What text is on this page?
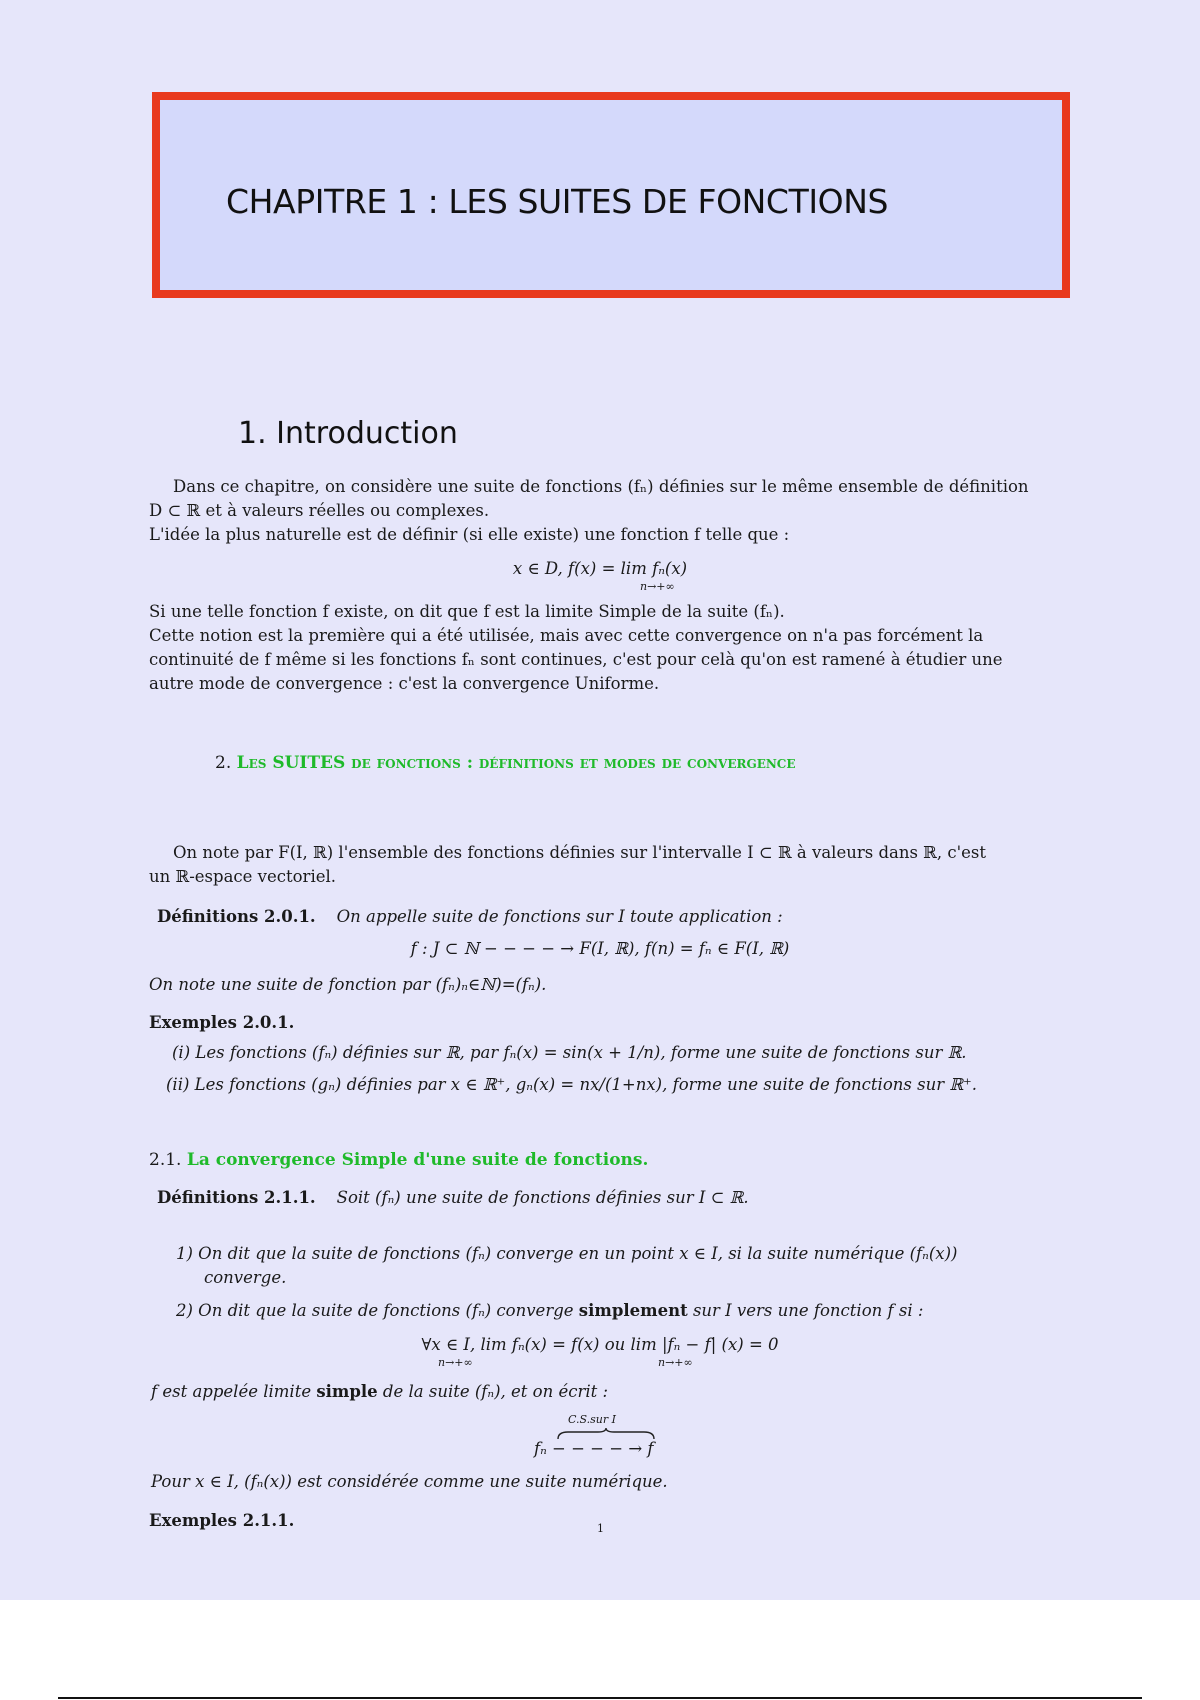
CHAPITRE 1 : LES SUITES DE FONCTIONS
1. Introduction
Dans ce chapitre, on considère une suite de fonctions (fₙ) définies sur le même ensemble de définition
D ⊂ ℝ et à valeurs réelles ou complexes.
L'idée la plus naturelle est de définir (si elle existe) une fonction f telle que :
x ∈ D, f(x) = lim fₙ(x)
n→+∞
Si une telle fonction f existe, on dit que f est la limite Simple de la suite (fₙ).
Cette notion est la première qui a été utilisée, mais avec cette convergence on n'a pas forcément la
continuité de f même si les fonctions fₙ sont continues, c'est pour celà qu'on est ramené à étudier une
autre mode de convergence : c'est la convergence Uniforme.
2. Les SUITES de fonctions : définitions et modes de convergence
On note par F(I, ℝ) l'ensemble des fonctions définies sur l'intervalle I ⊂ ℝ à valeurs dans ℝ, c'est
un ℝ-espace vectoriel.
Définitions 2.0.1. On appelle suite de fonctions sur I toute application :
f : J ⊂ ℕ − − − − → F(I, ℝ), f(n) = fₙ ∈ F(I, ℝ)
On note une suite de fonction par (fₙ)ₙ∈ℕ)=(fₙ).
Exemples 2.0.1.
(i) Les fonctions (fₙ) définies sur ℝ, par fₙ(x) = sin(x + 1/n), forme une suite de fonctions sur ℝ.
(ii) Les fonctions (gₙ) définies par x ∈ ℝ⁺, gₙ(x) = nx/(1+nx), forme une suite de fonctions sur ℝ⁺.
2.1. La convergence Simple d'une suite de fonctions.
Définitions 2.1.1. Soit (fₙ) une suite de fonctions définies sur I ⊂ ℝ.
1) On dit que la suite de fonctions (fₙ) converge en un point x ∈ I, si la suite numérique (fₙ(x))
converge.
2) On dit que la suite de fonctions (fₙ) converge simplement sur I vers une fonction f si :
∀x ∈ I, lim fₙ(x) = f(x) ou lim |fₙ − f| (x) = 0
n→+∞	n→+∞
f est appelée limite simple de la suite (fₙ), et on écrit :
C.S.sur I
fₙ − − − − → f
Pour x ∈ I, (fₙ(x)) est considérée comme une suite numérique.
Exemples 2.1.1.	1
